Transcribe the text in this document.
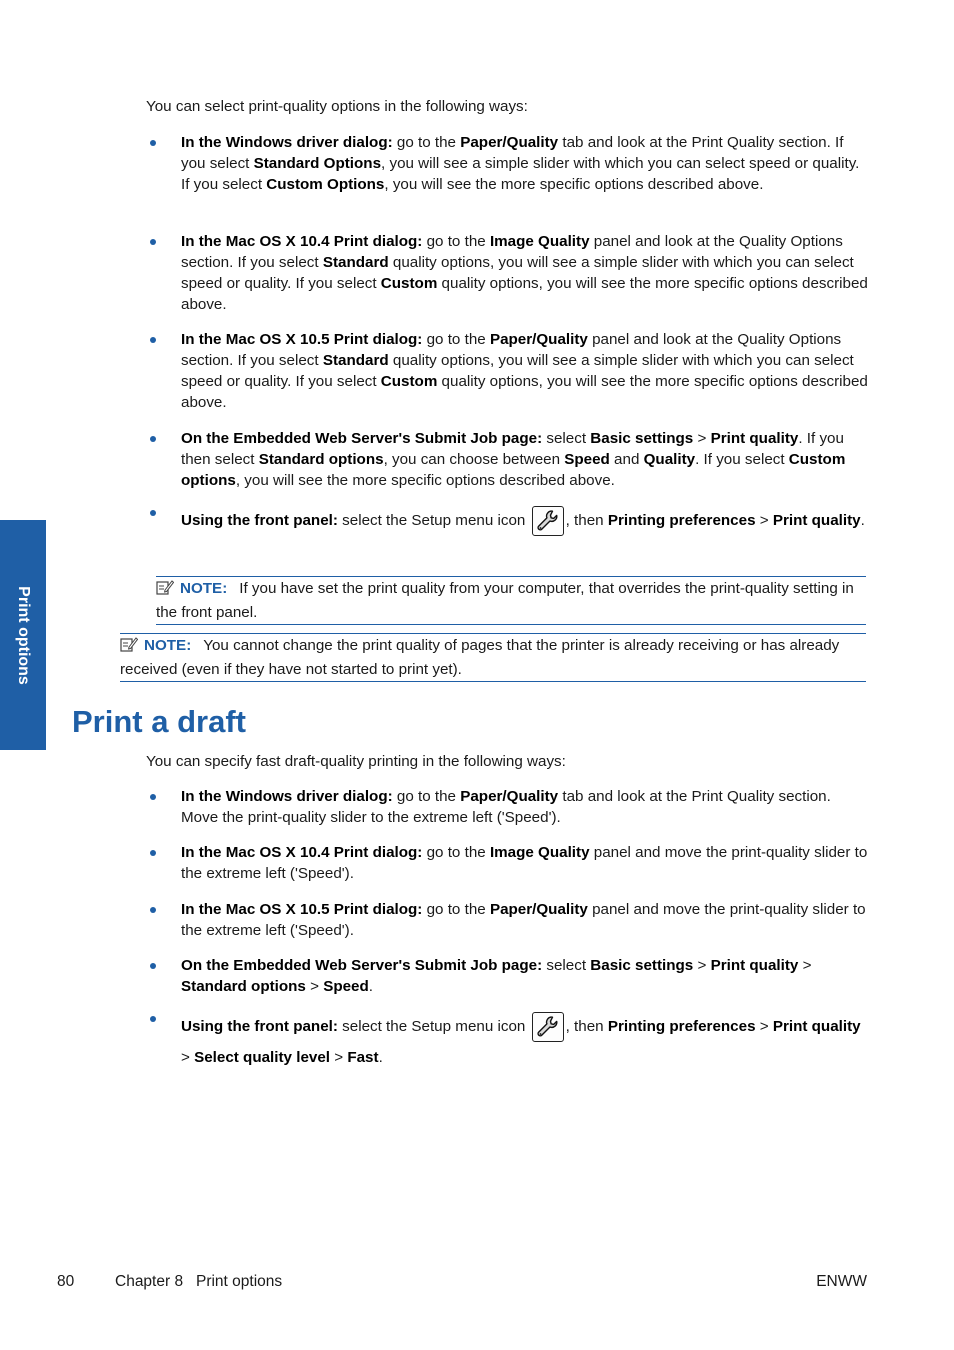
Print options

You can select print-quality options in the following ways:

In the Windows driver dialog: go to the Paper/Quality tab and look at the Print Quality section. If you select Standard Options, you will see a simple slider with which you can select speed or quality. If you select Custom Options, you will see the more specific options described above.
In the Mac OS X 10.4 Print dialog: go to the Image Quality panel and look at the Quality Options section. If you select Standard quality options, you will see a simple slider with which you can select speed or quality. If you select Custom quality options, you will see the more specific options described above.
In the Mac OS X 10.5 Print dialog: go to the Paper/Quality panel and look at the Quality Options section. If you select Standard quality options, you will see a simple slider with which you can select speed or quality. If you select Custom quality options, you will see the more specific options described above.
On the Embedded Web Server's Submit Job page: select Basic settings > Print quality. If you then select Standard options, you can choose between Speed and Quality. If you select Custom options, you will see the more specific options described above.
Using the front panel: select the Setup menu icon
, then Printing preferences > Print quality.
NOTE: If you have set the print quality from your computer, that overrides the print-quality setting in the front panel.
NOTE: You cannot change the print quality of pages that the printer is already receiving or has already received (even if they have not started to print yet).
Print a draft

You can specify fast draft-quality printing in the following ways:

In the Windows driver dialog: go to the Paper/Quality tab and look at the Print Quality section. Move the print-quality slider to the extreme left ('Speed').
In the Mac OS X 10.4 Print dialog: go to the Image Quality panel and move the print-quality slider to the extreme left ('Speed').
In the Mac OS X 10.5 Print dialog: go to the Paper/Quality panel and move the print-quality slider to the extreme left ('Speed').
On the Embedded Web Server's Submit Job page: select Basic settings > Print quality > Standard options > Speed.
Using the front panel: select the Setup menu icon
, then Printing preferences > Print quality > Select quality level > Fast.
80	Chapter 8   Print options	ENWW
